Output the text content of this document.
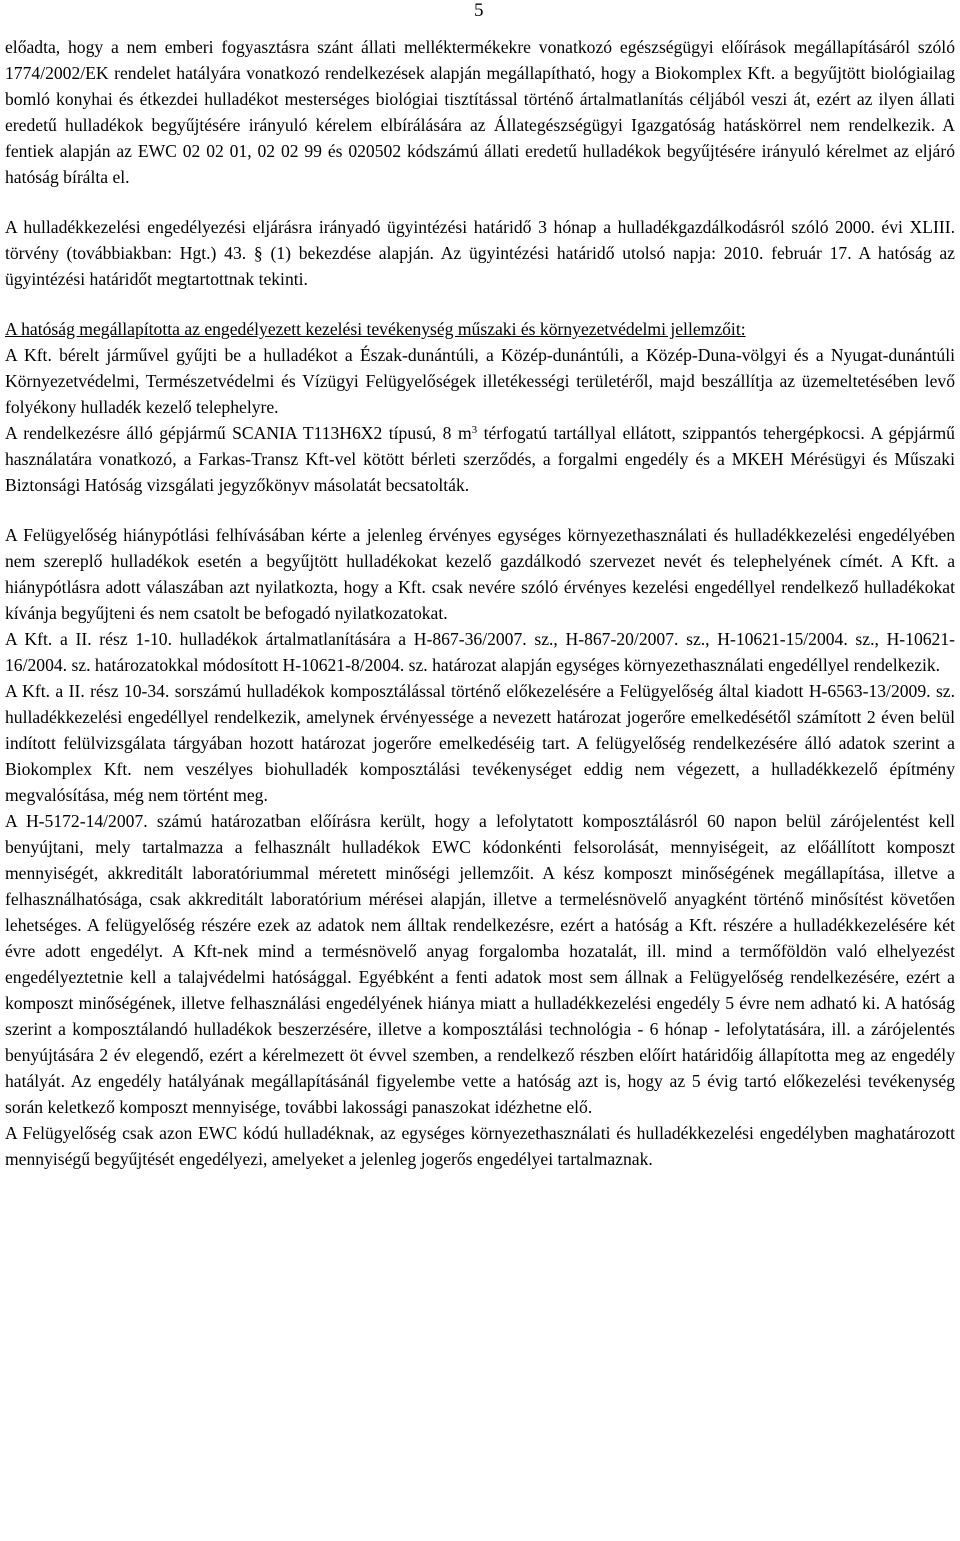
5

előadta, hogy a nem emberi fogyasztásra szánt állati melléktermékekre vonatkozó egészségügyi előírások megállapításáról szóló 1774/2002/EK rendelet hatályára vonatkozó rendelkezések alapján megállapítható, hogy a Biokomplex Kft. a begyűjtött biológiailag bomló konyhai és étkezdei hulladékot mesterséges biológiai tisztítással történő ártalmatlanítás céljából veszi át, ezért az ilyen állati eredetű hulladékok begyűjtésére irányuló kérelem elbírálására az Állategészségügyi Igazgatóság hatáskörrel nem rendelkezik. A fentiek alapján az EWC 02 02 01, 02 02 99 és 020502 kódszámú állati eredetű hulladékok begyűjtésére irányuló kérelmet az eljáró hatóság bírálta el.

A hulladékkezelési engedélyezési eljárásra irányadó ügyintézési határidő 3 hónap a hulladékgazdálkodásról szóló 2000. évi XLIII. törvény (továbbiakban: Hgt.) 43. § (1) bekezdése alapján. Az ügyintézési határidő utolsó napja: 2010. február 17. A hatóság az ügyintézési határidőt megtartottnak tekinti.

A hatóság megállapította az engedélyezett kezelési tevékenység műszaki és környezetvédelmi jellemzőit:

A Kft. bérelt járművel gyűjti be a hulladékot a Észak-dunántúli, a Közép-dunántúli, a Közép-Duna-völgyi és a Nyugat-dunántúli Környezetvédelmi, Természetvédelmi és Vízügyi Felügyelőségek illetékességi területéről, majd beszállítja az üzemeltetésében levő folyékony hulladék kezelő telephelyre.

A rendelkezésre álló gépjármű SCANIA T113H6X2 típusú, 8 $m^3$ térfogatú tartállyal ellátott, szippantós tehergépkocsi. A gépjármű használatára vonatkozó, a Farkas-Transz Kft-vel kötött bérleti szerződés, a forgalmi engedély és a MKEH Mérésügyi és Műszaki Biztonsági Hatóság vizsgálati jegyzőkönyv másolatát becsatolták.

A Felügyelőség hiánypótlási felhívásában kérte a jelenleg érvényes egységes környezethasználati és hulladékkezelési engedélyében nem szereplő hulladékok esetén a begyűjtött hulladékokat kezelő gazdálkodó szervezet nevét és telephelyének címét. A Kft. a hiánypótlásra adott válaszában azt nyilatkozta, hogy a Kft. csak nevére szóló érvényes kezelési engedéllyel rendelkező hulladékokat kívánja begyűjteni és nem csatolt be befogadó nyilatkozatokat.

A Kft. a II. rész 1-10. hulladékok ártalmatlanítására a H-867-36/2007. sz., H-867-20/2007. sz., H-10621-15/2004. sz., H-10621-16/2004. sz. határozatokkal módosított H-10621-8/2004. sz. határozat alapján egységes környezethasználati engedéllyel rendelkezik.

A Kft. a II. rész 10-34. sorszámú hulladékok komposztálással történő előkezelésére a Felügyelőség által kiadott H-6563-13/2009. sz. hulladékkezelési engedéllyel rendelkezik, amelynek érvényessége a nevezett határozat jogerőre emelkedésétől számított 2 éven belül indított felülvizsgálata tárgyában hozott határozat jogerőre emelkedéséig tart. A felügyelőség rendelkezésére álló adatok szerint a Biokomplex Kft. nem veszélyes biohulladék komposztálási tevékenységet eddig nem végezett, a hulladékkezelő építmény megvalósítása, még nem történt meg.

A H-5172-14/2007. számú határozatban előírásra került, hogy a lefolytatott komposztálásról 60 napon belül zárójelentést kell benyújtani, mely tartalmazza a felhasznált hulladékok EWC kódonkénti felsorolását, mennyiségeit, az előállított komposzt mennyiségét, akkreditált laboratóriummal méretett minőségi jellemzőit. A kész komposzt minőségének megállapítása, illetve a felhasználhatósága, csak akkreditált laboratórium mérései alapján, illetve a termelésnövelő anyagként történő minősítést követően lehetséges. A felügyelőség részére ezek az adatok nem álltak rendelkezésre, ezért a hatóság a Kft. részére a hulladékkezelésére két évre adott engedélyt. A Kft-nek mind a termésnövelő anyag forgalomba hozatalát, ill. mind a termőföldön való elhelyezést engedélyeztetnie kell a talajvédelmi hatósággal. Egyébként a fenti adatok most sem állnak a Felügyelőség rendelkezésére, ezért a komposzt minőségének, illetve felhasználási engedélyének hiánya miatt a hulladékkezelési engedély 5 évre nem adható ki. A hatóság szerint a komposztálandó hulladékok beszerzésére, illetve a komposztálási technológia - 6 hónap - lefolytatására, ill. a zárójelentés benyújtására 2 év elegendő, ezért a kérelmezett öt évvel szemben, a rendelkező részben előírt határidőig állapította meg az engedély hatályát. Az engedély hatályának megállapításánál figyelembe vette a hatóság azt is, hogy az 5 évig tartó előkezelési tevékenység során keletkező komposzt mennyisége, további lakossági panaszokat idézhetne elő.

A Felügyelőség csak azon EWC kódú hulladéknak, az egységes környezethasználati és hulladékkezelési engedélyben maghatározott mennyiségű begyűjtését engedélyezi, amelyeket a jelenleg jogerős engedélyei tartalmaznak.
